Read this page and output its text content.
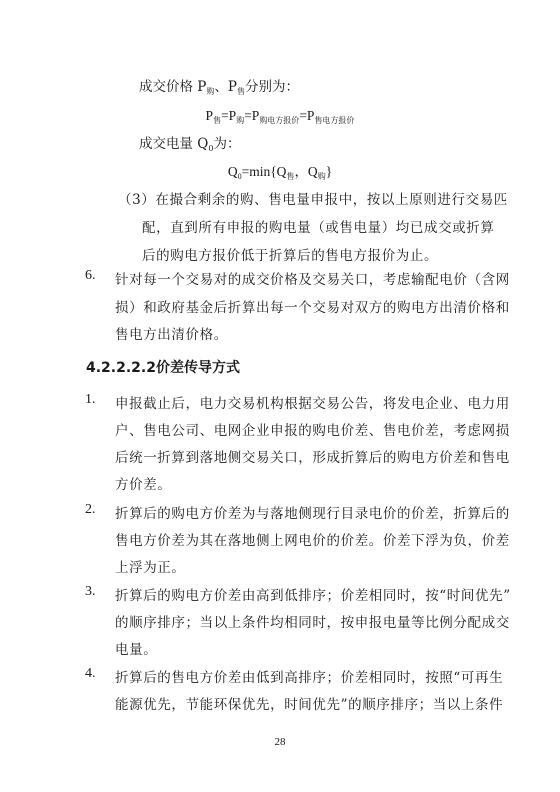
成交价格 $P_购$、$P_售$分别为：
$P_售=P_购=P_{购电方报价}=P_{售电方报价}$
成交电量 $Q_0$为：
$Q_0=\min\{Q_售$，$Q_购$}
（3）在撮合剩余的购、售电量申报中，按以上原则进行交易匹
配，直到所有申报的购电量（或售电量）均已成交或折算
后的购电方报价低于折算后的售电方报价为止。
6. 针对每一个交易对的成交价格及交易关口，考虑输配电价（含网
损）和政府基金后折算出每一个交易对双方的购电方出清价格和
售电方出清价格。
4.2.2.2.2价差传导方式
1. 申报截止后，电力交易机构根据交易公告，将发电企业、电力用
户、售电公司、电网企业申报的购电价差、售电价差，考虑网损
后统一折算到落地侧交易关口，形成折算后的购电方价差和售电
方价差。
2. 折算后的购电方价差为与落地侧现行目录电价的价差，折算后的
售电方价差为其在落地侧上网电价的价差。价差下浮为负，价差
上浮为正。
3. 折算后的购电方价差由高到低排序；价差相同时，按“时间优先”
的顺序排序；当以上条件均相同时，按申报电量等比例分配成交
电量。
4. 折算后的售电方价差由低到高排序；价差相同时，按照“可再生
能源优先，节能环保优先，时间优先”的顺序排序；当以上条件
28
